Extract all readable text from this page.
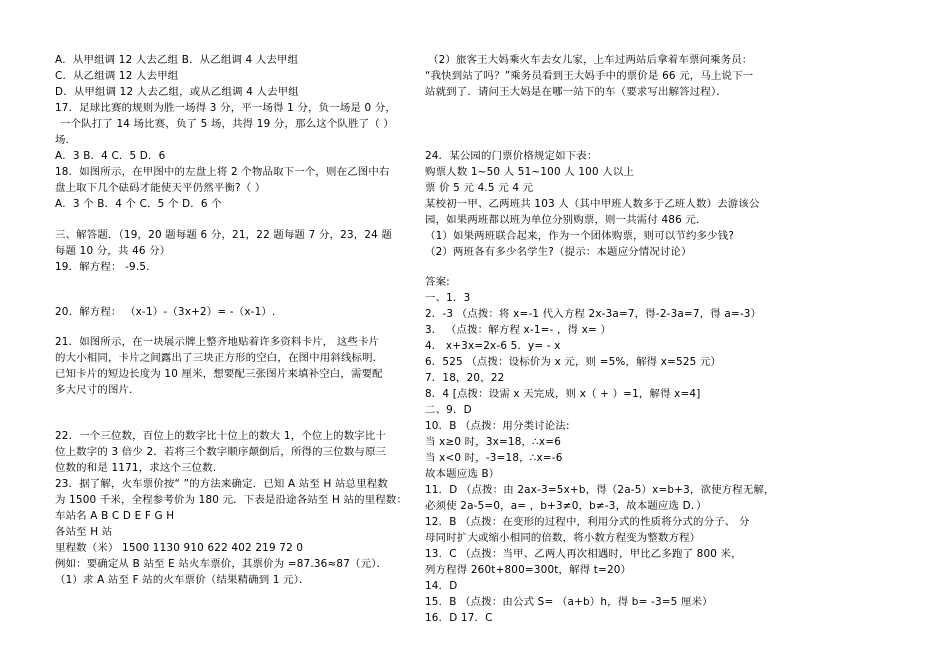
A．从甲组调 12 人去乙组 B．从乙组调 4 人去甲组
C．从乙组调 12 人去甲组
D．从甲组调 12 人去乙组，或从乙组调 4 人去甲组
17．足球比赛的规则为胜一场得 3 分，平一场得 1 分，负一场是 0 分，
一个队打了 14 场比赛，负了 5 场，共得 19 分，那么这个队胜了（ ）
场.
A．3 B．4 C．5 D．6
18．如图所示，在甲图中的左盘上将 2 个物品取下一个，则在乙图中右
盘上取下几个砝码才能使天平仍然平衡?（ ）
A．3 个 B．4 个 C．5 个 D．6 个
三、解答题．（19，20 题每题 6 分，21，22 题每题 7 分，23，24 题
每题 10 分，共 46 分）
19．解方程： -9.5.
20．解方程： （x-1）-（3x+2）= -（x-1）.
21．如图所示，在一块展示牌上整齐地贴着许多资料卡片， 这些卡片
的大小相同，卡片之间露出了三块正方形的空白，在图中用斜线标明．
已知卡片的短边长度为 10 厘米，想要配三张图片来填补空白，需要配
多大尺寸的图片．
22．一个三位数，百位上的数字比十位上的数大 1，个位上的数字比十
位上数字的 3 倍少 2．若将三个数字顺序颠倒后，所得的三位数与原三
位数的和是 1171，求这个三位数．
23．据了解，火车票价按“ ”的方法来确定．已知 A 站至 H 站总里程数
为 1500 千米，全程参考价为 180 元．下表是沿途各站至 H 站的里程数：
车站名 A B C D E F G H
各站至 H 站
里程数（米） 1500 1130 910 622 402 219 72 0
例如：要确定从 B 站至 E 站火车票价，其票价为 =87.36≈87（元）．
（1）求 A 站至 F 站的火车票价（结果精确到 1 元）．
（2）旅客王大妈乘火车去女儿家，上车过两站后拿着车票问乘务员：
“我快到站了吗？”乘务员看到王大妈手中的票价是 66 元，马上说下一
站就到了．请问王大妈是在哪一站下的车（要求写出解答过程）．
24．某公园的门票价格规定如下表：
购票人数 1~50 人 51~100 人 100 人以上
票 价 5 元 4.5 元 4 元
某校初一甲、乙两班共 103 人（其中甲班人数多于乙班人数）去游该公
园，如果两班都以班为单位分别购票，则一共需付 486 元．
（1）如果两班联合起来，作为一个团体购票，则可以节约多少钱?
（2）两班各有多少名学生?（提示：本题应分情况讨论）
答案:
一、1．3
2．-3 （点拨：将 x=-1 代入方程 2x-3a=7，得-2-3a=7，得 a=-3）
3． （点拨：解方程 x-1=- ，得 x= ）
4． x+3x=2x-6 5．y= - x
6．525 （点拨：设标价为 x 元，则 =5%，解得 x=525 元）
7．18，20，22
8．4 [点拨：设需 x 天完成，则 x（ + ）=1，解得 x=4]
二、9．D
10．B （点拨：用分类讨论法:
当 x≥0 时，3x=18，∴x=6
当 x<0 时，-3=18，∴x=-6
故本题应选 B）
11．D （点拨：由 2ax-3=5x+b，得（2a-5）x=b+3，欲使方程无解，
必须使 2a-5=0，a= ，b+3≠0，b≠-3，故本题应选 D．）
12．B （点拨：在变形的过程中，利用分式的性质将分式的分子、 分
母同时扩大或缩小相同的倍数，将小数方程变为整数方程）
13．C （点拨：当甲、乙两人再次相遇时，甲比乙多跑了 800 米，
列方程得 260t+800=300t，解得 t=20）
14．D
15．B （点拨：由公式 S= （a+b）h，得 b= -3=5 厘米）
16．D 17．C
